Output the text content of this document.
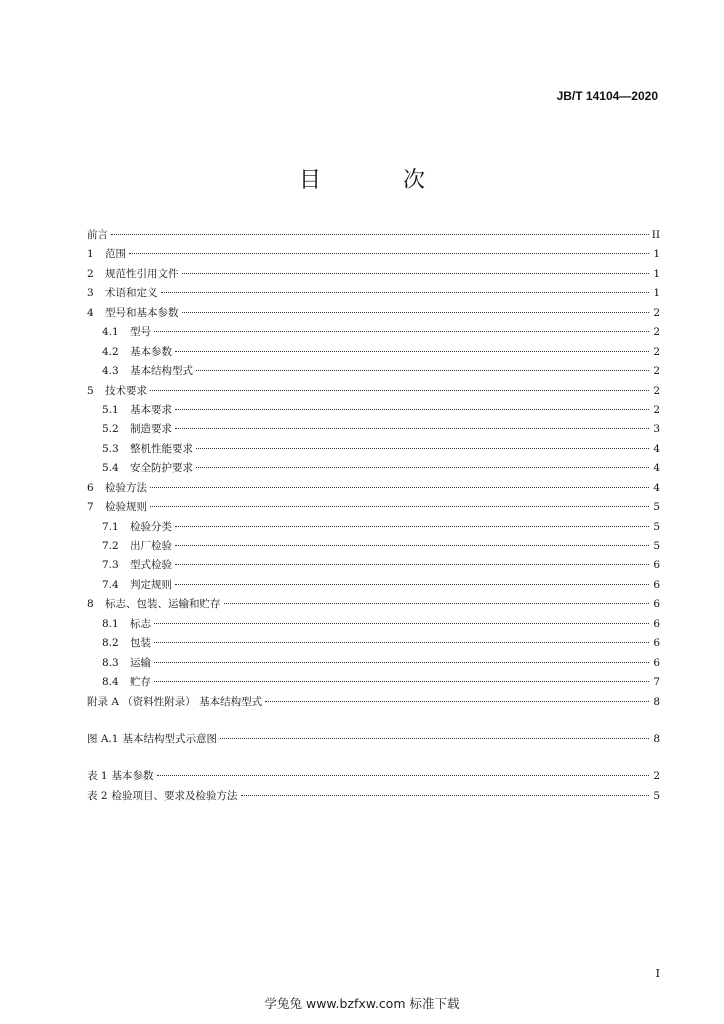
JB/T 14104—2020
目　次
前言	II
1	范围	1
2	规范性引用文件	1
3	术语和定义	1
4	型号和基本参数	2
4.1	型号	2
4.2	基本参数	2
4.3	基本结构型式	2
5	技术要求	2
5.1	基本要求	2
5.2	制造要求	3
5.3	整机性能要求	4
5.4	安全防护要求	4
6	检验方法	4
7	检验规则	5
7.1	检验分类	5
7.2	出厂检验	5
7.3	型式检验	6
7.4	判定规则	6
8	标志、包装、运输和贮存	6
8.1	标志	6
8.2	包装	6
8.3	运输	6
8.4	贮存	7
附录 A （资料性附录） 基本结构型式	8
图 A.1 基本结构型式示意图	8
表 1 基本参数	2
表 2 检验项目、要求及检验方法	5
I
学兔兔 www.bzfxw.com 标准下载
